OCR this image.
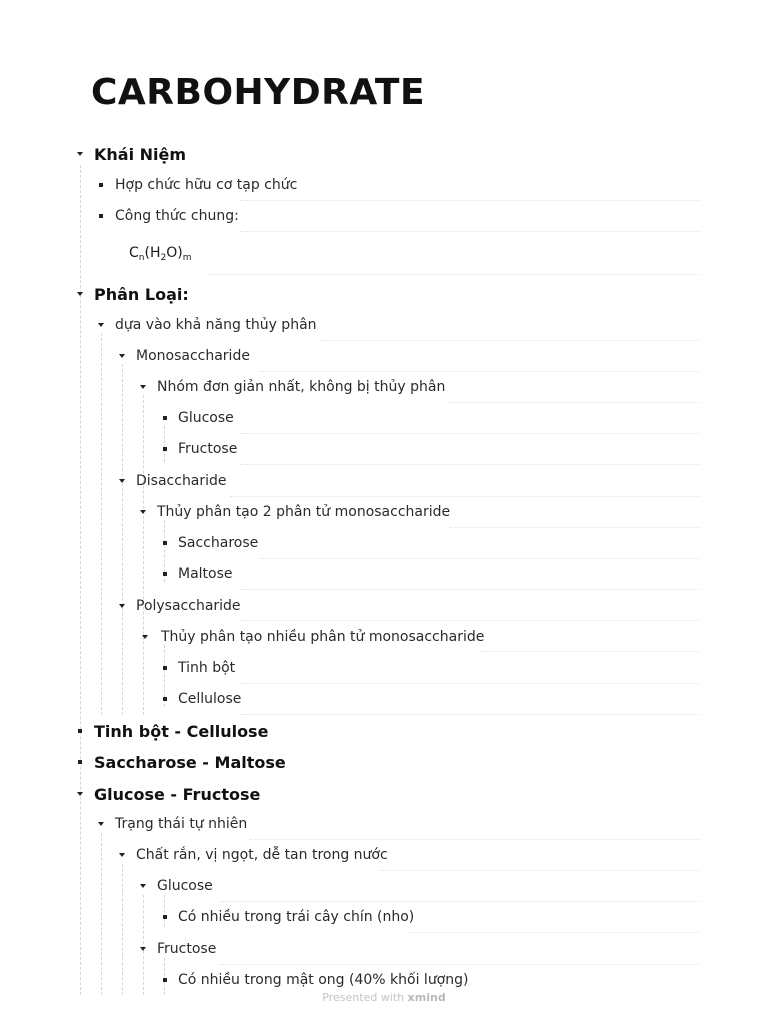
CARBOHYDRATE
Khái Niệm
Hợp chức hữu cơ tạp chức
Công thức chung:
$C_n(H_2O)_m$
Phân Loại:
dựa vào khả năng thủy phân
Monosaccharide
Nhóm đơn giản nhất, không bị thủy phân
Glucose
Fructose
Disaccharide
Thủy phân tạo 2 phân tử monosaccharide
Saccharose
Maltose
Polysaccharide
Thủy phân tạo nhiều phân tử monosaccharide
Tinh bột
Cellulose
Tinh bột - Cellulose
Saccharose - Maltose
Glucose - Fructose
Trạng thái tự nhiên
Chất rắn, vị ngọt, dễ tan trong nước
Glucose
Có nhiều trong trái cây chín (nho)
Fructose
Có nhiều trong mật ong (40% khối lượng)
Presented with xmind
